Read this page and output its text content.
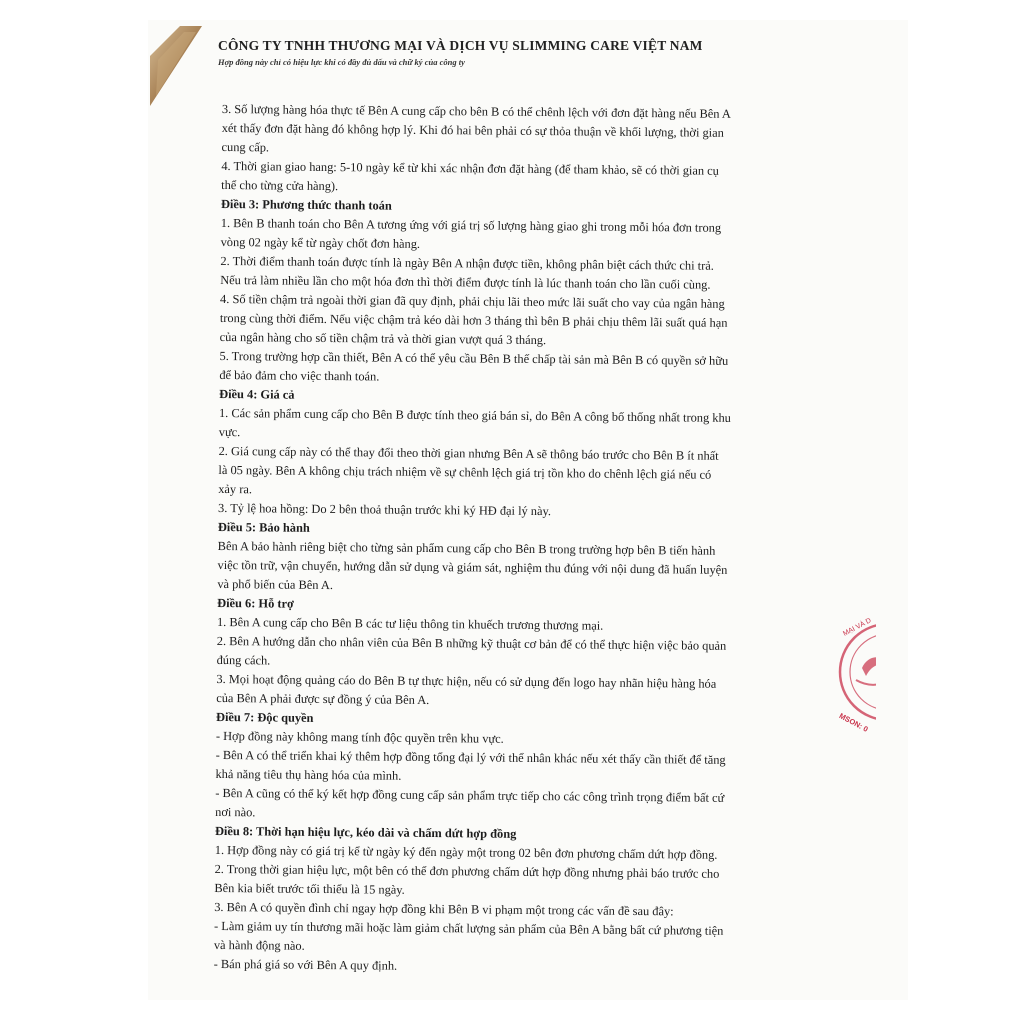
CÔNG TY TNHH THƯƠNG MẠI VÀ DỊCH VỤ SLIMMING CARE VIỆT NAM
Hợp đồng này chỉ có hiệu lực khi có đầy đủ dấu và chữ ký của công ty

3. Số lượng hàng hóa thực tế Bên A cung cấp cho bên B có thể chênh lệch với đơn đặt hàng nếu Bên A

xét thấy đơn đặt hàng đó không hợp lý. Khi đó hai bên phải có sự thỏa thuận về khối lượng, thời gian

cung cấp.

4. Thời gian giao hang: 5-10 ngày kể từ khi xác nhận đơn đặt hàng (để tham khảo, sẽ có thời gian cụ

thể cho từng cửa hàng).

Điều 3: Phương thức thanh toán

1. Bên B thanh toán cho Bên A tương ứng với giá trị số lượng hàng giao ghi trong mỗi hóa đơn trong

vòng 02 ngày kể từ ngày chốt đơn hàng.

2. Thời điểm thanh toán được tính là ngày Bên A nhận được tiền, không phân biệt cách thức chi trả.

Nếu trả làm nhiều lần cho một hóa đơn thì thời điểm được tính là lúc thanh toán cho lần cuối cùng.

4. Số tiền chậm trả ngoài thời gian đã quy định, phải chịu lãi theo mức lãi suất cho vay của ngân hàng

trong cùng thời điểm. Nếu việc chậm trả kéo dài hơn 3 tháng thì bên B phải chịu thêm lãi suất quá hạn

của ngân hàng cho số tiền chậm trả và thời gian vượt quá 3 tháng.

5. Trong trường hợp cần thiết, Bên A có thể yêu cầu Bên B thế chấp tài sản mà Bên B có quyền sở hữu

để bảo đảm cho việc thanh toán.

Điều 4: Giá cả

1. Các sản phẩm cung cấp cho Bên B được tính theo giá bán sỉ, do Bên A công bố thống nhất trong khu

vực.

2. Giá cung cấp này có thể thay đổi theo thời gian nhưng Bên A sẽ thông báo trước cho Bên B ít nhất

là 05 ngày. Bên A không chịu trách nhiệm về sự chênh lệch giá trị tồn kho do chênh lệch giá nếu có

xảy ra.

3. Tỷ lệ hoa hồng: Do 2 bên thoả thuận trước khi ký HĐ đại lý này.

Điều 5: Bảo hành

Bên A bảo hành riêng biệt cho từng sản phẩm cung cấp cho Bên B trong trường hợp bên B tiến hành

việc tồn trữ, vận chuyển, hướng dẫn sử dụng và giám sát, nghiệm thu đúng với nội dung đã huấn luyện

và phổ biến của Bên A.

Điều 6: Hỗ trợ

1. Bên A cung cấp cho Bên B các tư liệu thông tin khuếch trương thương mại.

2. Bên A hướng dẫn cho nhân viên của Bên B những kỹ thuật cơ bản để có thể thực hiện việc bảo quản

đúng cách.

3. Mọi hoạt động quảng cáo do Bên B tự thực hiện, nếu có sử dụng đến logo hay nhãn hiệu hàng hóa

của Bên A phải được sự đồng ý của Bên A.

Điều 7: Độc quyền

- Hợp đồng này không mang tính độc quyền trên khu vực.

- Bên A có thể triển khai ký thêm hợp đồng tổng đại lý với thể nhân khác nếu xét thấy cần thiết để tăng

khả năng tiêu thụ hàng hóa của mình.

- Bên A cũng có thể ký kết hợp đồng cung cấp sản phẩm trực tiếp cho các công trình trọng điểm bất cứ

nơi nào.

Điều 8: Thời hạn hiệu lực, kéo dài và chấm dứt hợp đồng

1. Hợp đồng này có giá trị kể từ ngày ký đến ngày một trong 02 bên đơn phương chấm dứt hợp đồng.

2. Trong thời gian hiệu lực, một bên có thể đơn phương chấm dứt hợp đồng nhưng phải báo trước cho

Bên kia biết trước tối thiểu là 15 ngày.

3. Bên A có quyền đình chỉ ngay hợp đồng khi Bên B vi phạm một trong các vấn đề sau đây:

- Làm giảm uy tín thương mãi hoặc làm giảm chất lượng sản phẩm của Bên A bằng bất cứ phương tiện

và hành động nào.

- Bán phá giá so với Bên A quy định.

MẠI VÀ D
MSON: 0
